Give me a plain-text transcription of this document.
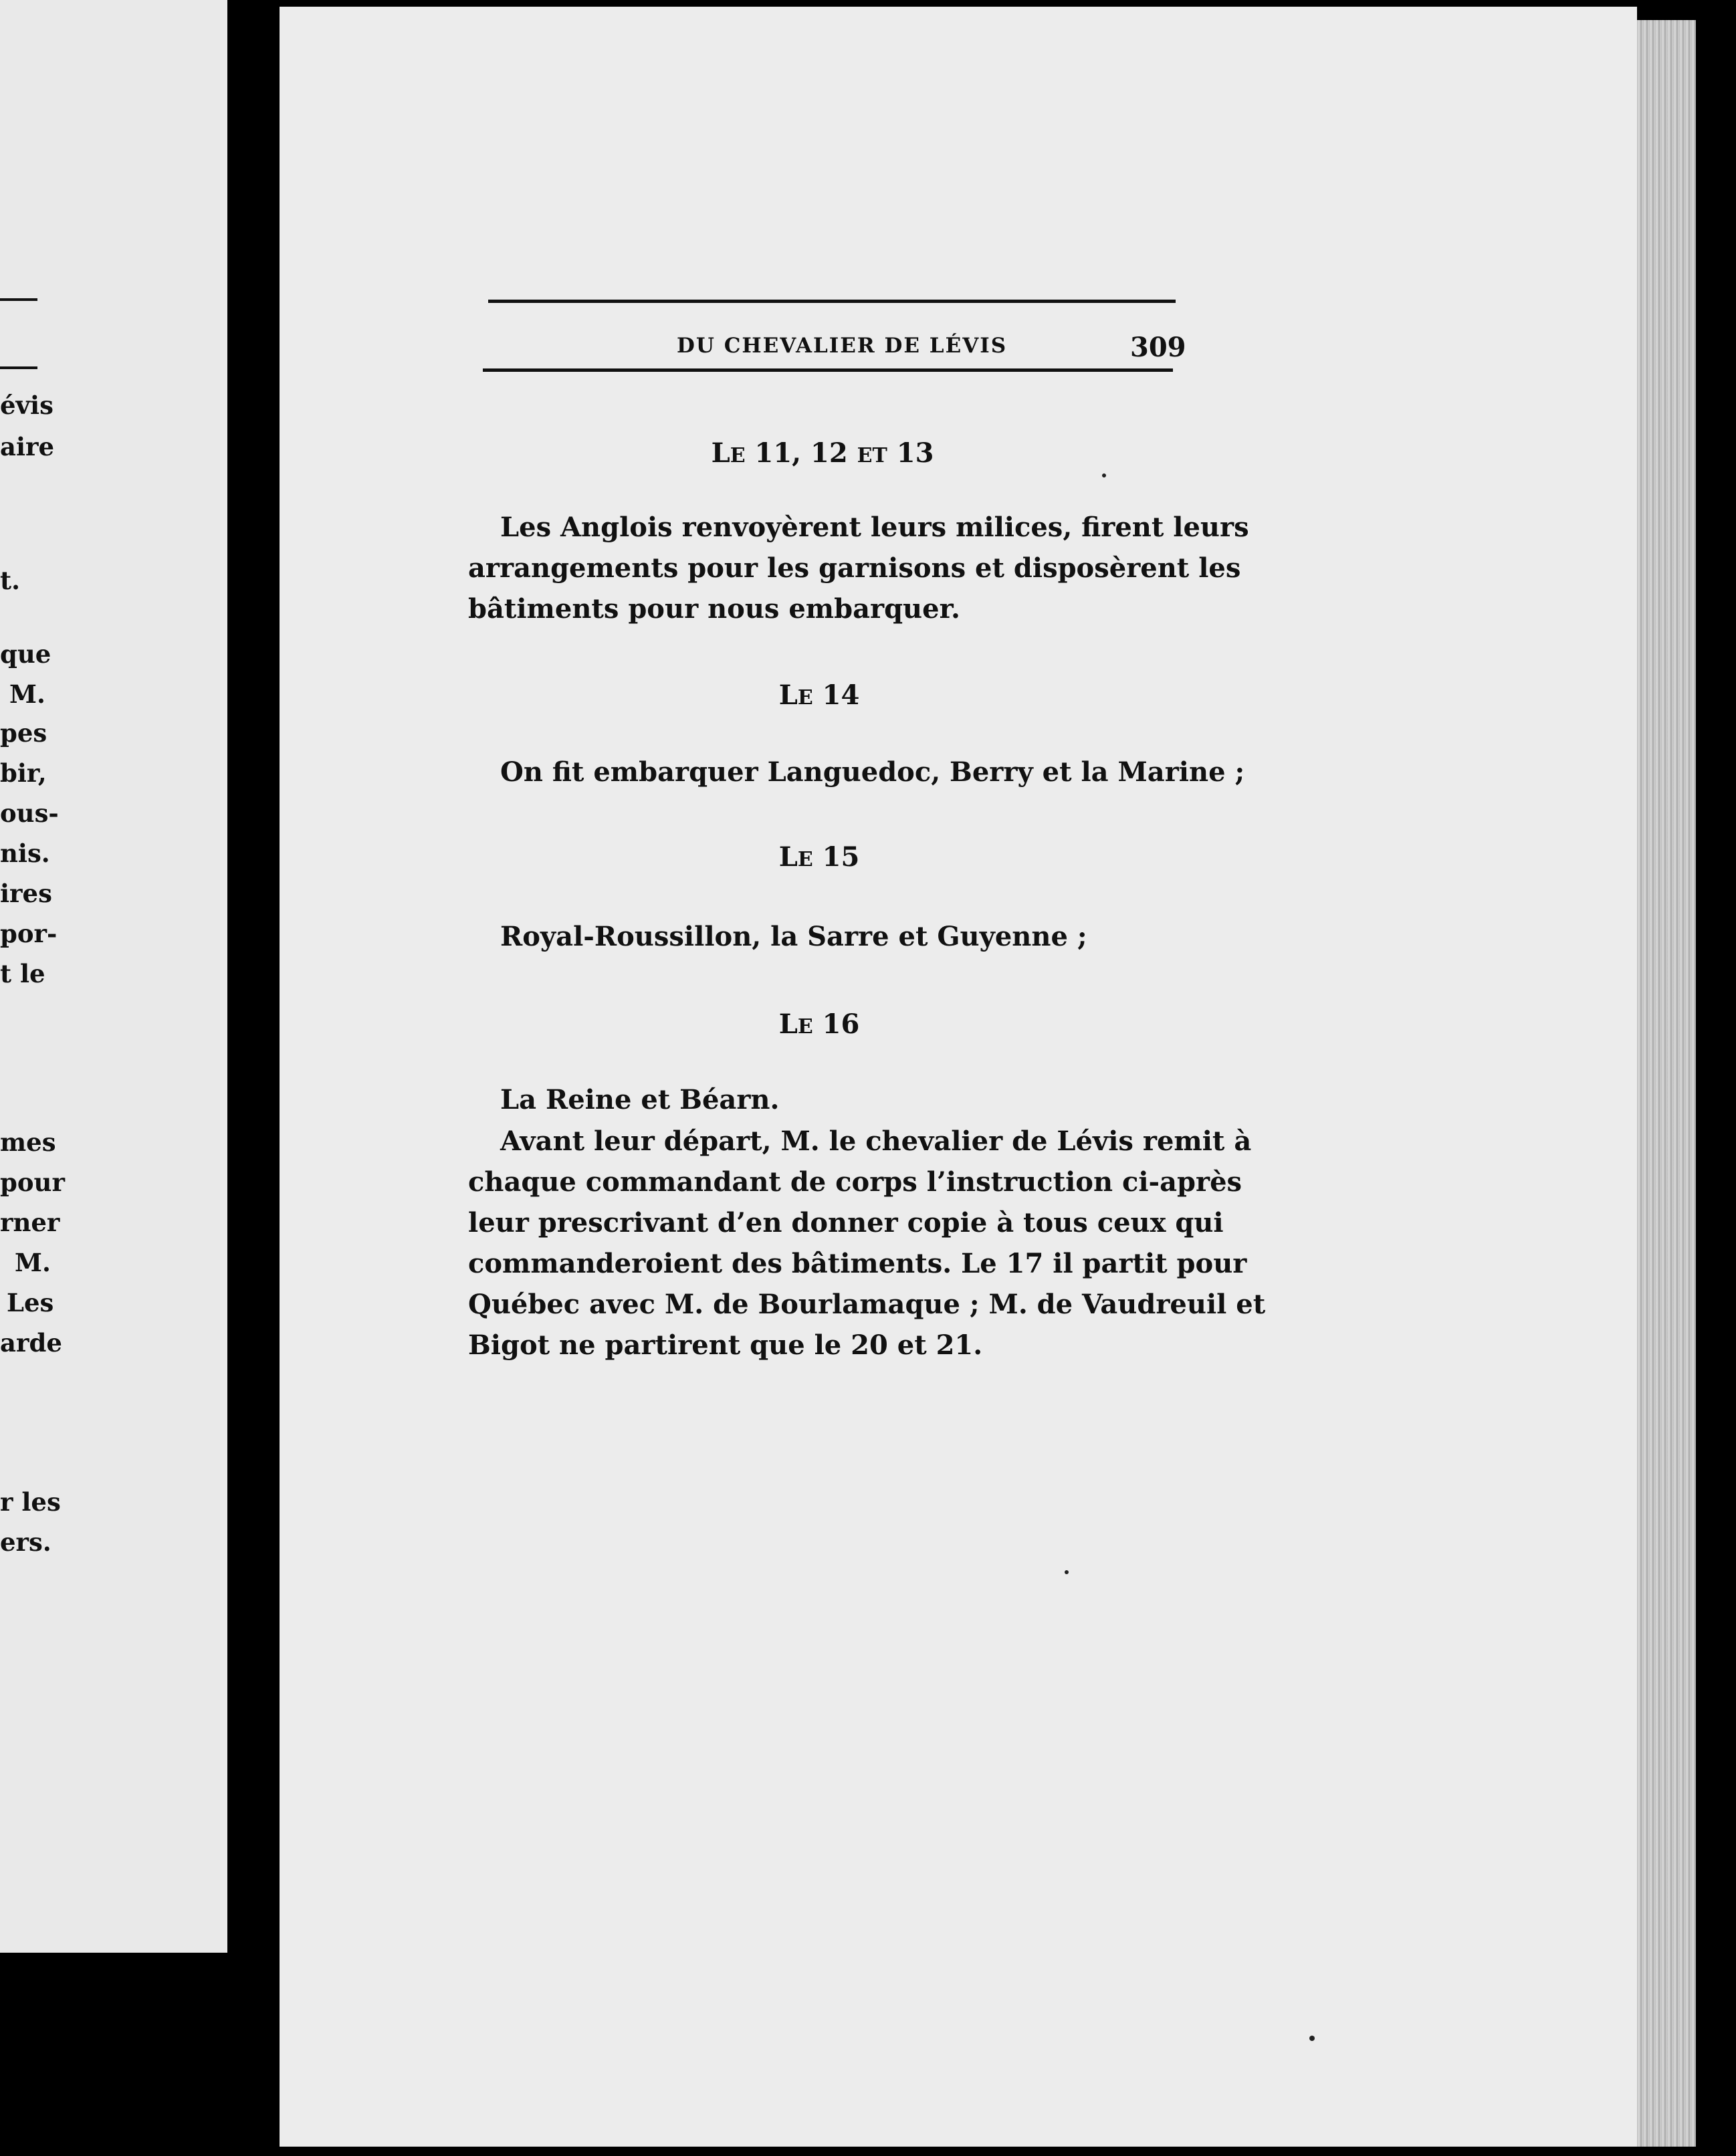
évis
aire
t.
que
M.
pes
bir,
ous-
nis.
ires
por-
t le
mes
pour
rner
M.
Les
arde
r les
ers.
DU CHEVALIER DE LÉVIS	309
LE 11, 12 ET 13
Les Anglois renvoyèrent leurs milices, firent leurs
arrangements pour les garnisons et disposèrent les
bâtiments pour nous embarquer.
LE 14
On fit embarquer Languedoc, Berry et la Marine ;
LE 15
Royal-Roussillon, la Sarre et Guyenne ;
LE 16
La Reine et Béarn.
Avant leur départ, M. le chevalier de Lévis remit à
chaque commandant de corps l’instruction ci-après
leur prescrivant d’en donner copie à tous ceux qui
commanderoient des bâtiments. Le 17 il partit pour
Québec avec M. de Bourlamaque ; M. de Vaudreuil et
Bigot ne partirent que le 20 et 21.
